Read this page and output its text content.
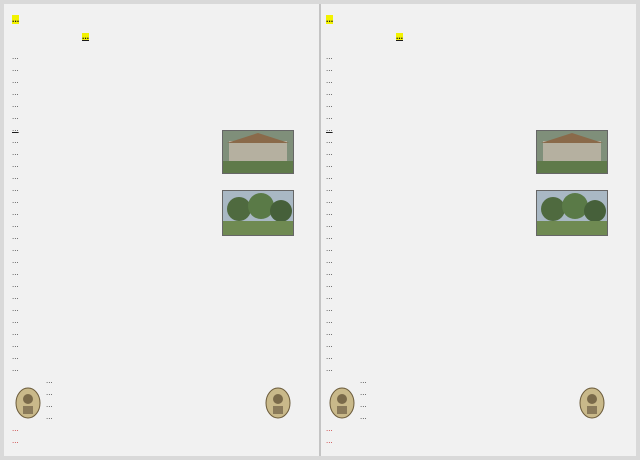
…
…
…
…
…
…
…
…
…
…
…
…
…
…
…
…
…
…
…
…
…
…
…
…
…
…
…
…
…
…
…
…
…
…
…
…
…
…
…
…
…
…
…
…
…
…
…
…
…
…
…
…
…
…
…
…
…
…
…
…
…
…
…
…
…
…
…
…
…
…
